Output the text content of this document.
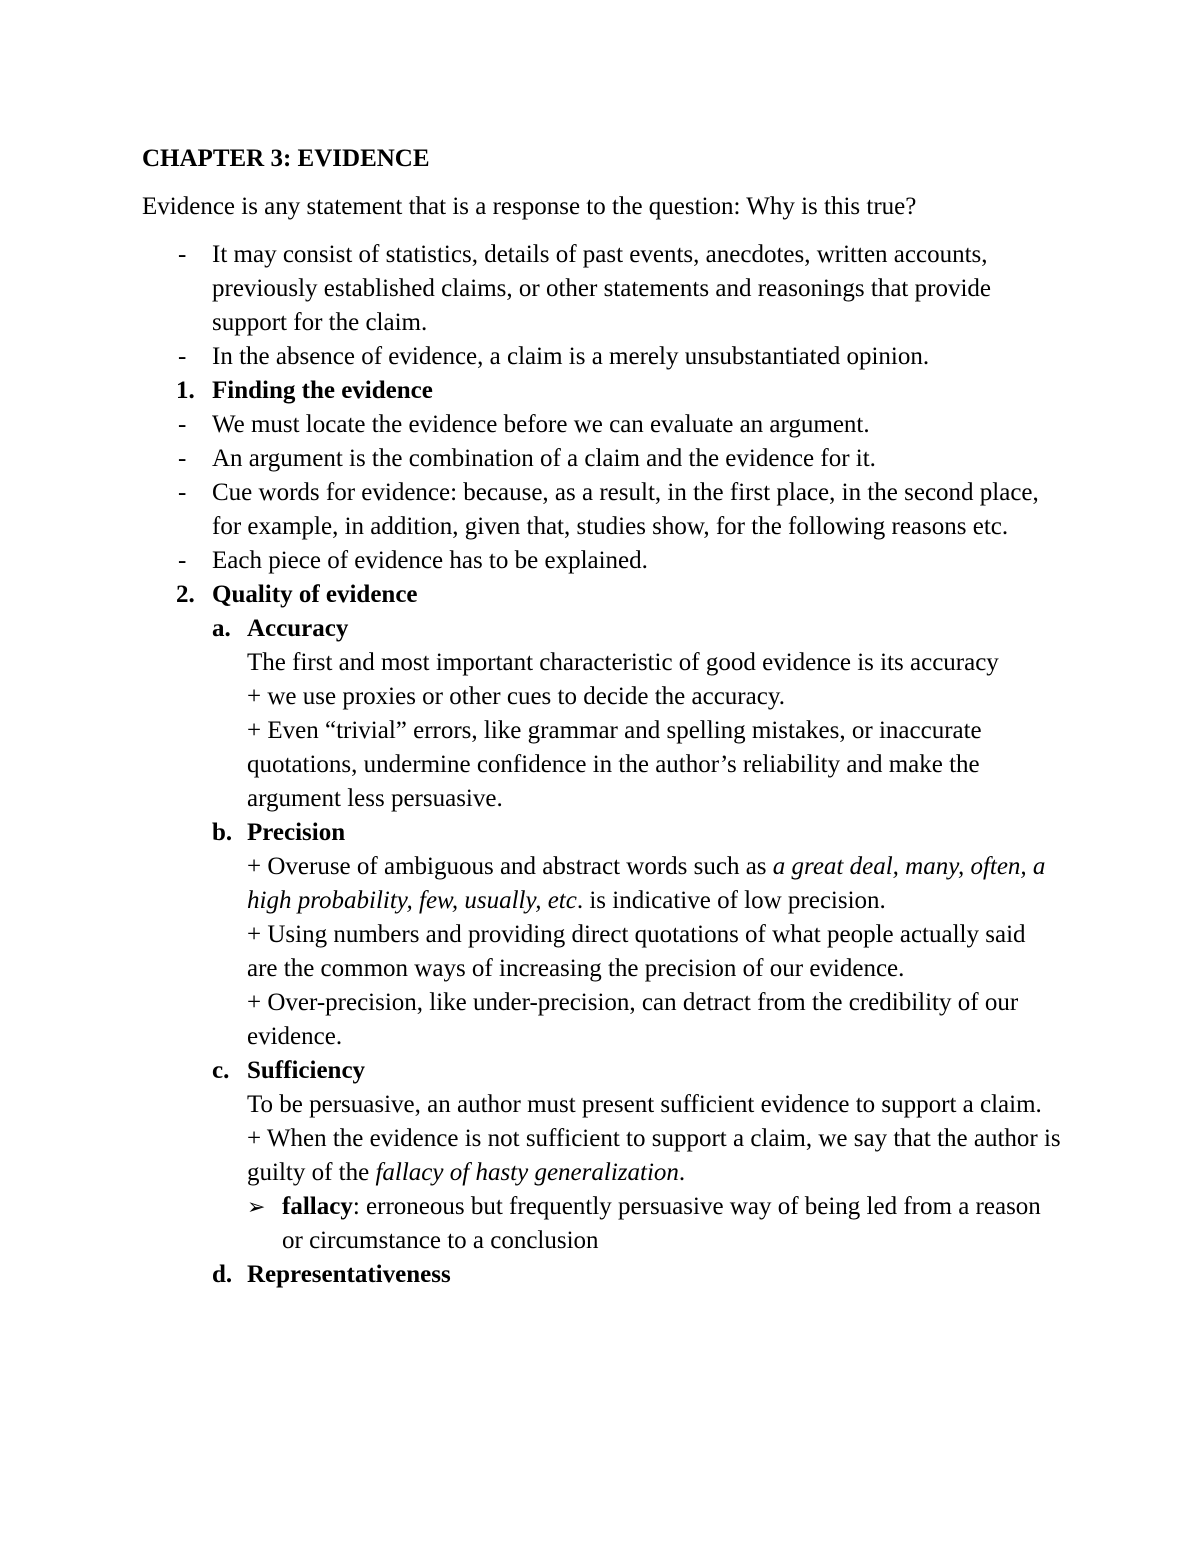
CHAPTER 3: EVIDENCE
Evidence is any statement that is a response to the question: Why is this true?
- It may consist of statistics, details of past events, anecdotes, written accounts, previously established claims, or other statements and reasonings that provide support for the claim.
- In the absence of evidence, a claim is a merely unsubstantiated opinion.
1. Finding the evidence
- We must locate the evidence before we can evaluate an argument.
- An argument is the combination of a claim and the evidence for it.
- Cue words for evidence: because, as a result, in the first place, in the second place, for example, in addition, given that, studies show, for the following reasons etc.
- Each piece of evidence has to be explained.
2. Quality of evidence
a. Accuracy
The first and most important characteristic of good evidence is its accuracy
+ we use proxies or other cues to decide the accuracy.
+ Even “trivial” errors, like grammar and spelling mistakes, or inaccurate quotations, undermine confidence in the author’s reliability and make the argument less persuasive.
b. Precision
+ Overuse of ambiguous and abstract words such as a great deal, many, often, a high probability, few, usually, etc. is indicative of low precision.
+ Using numbers and providing direct quotations of what people actually said are the common ways of increasing the precision of our evidence.
+ Over-precision, like under-precision, can detract from the credibility of our evidence.
c. Sufficiency
To be persuasive, an author must present sufficient evidence to support a claim.
+ When the evidence is not sufficient to support a claim, we say that the author is guilty of the fallacy of hasty generalization.
➢ fallacy: erroneous but frequently persuasive way of being led from a reason or circumstance to a conclusion
d. Representativeness
